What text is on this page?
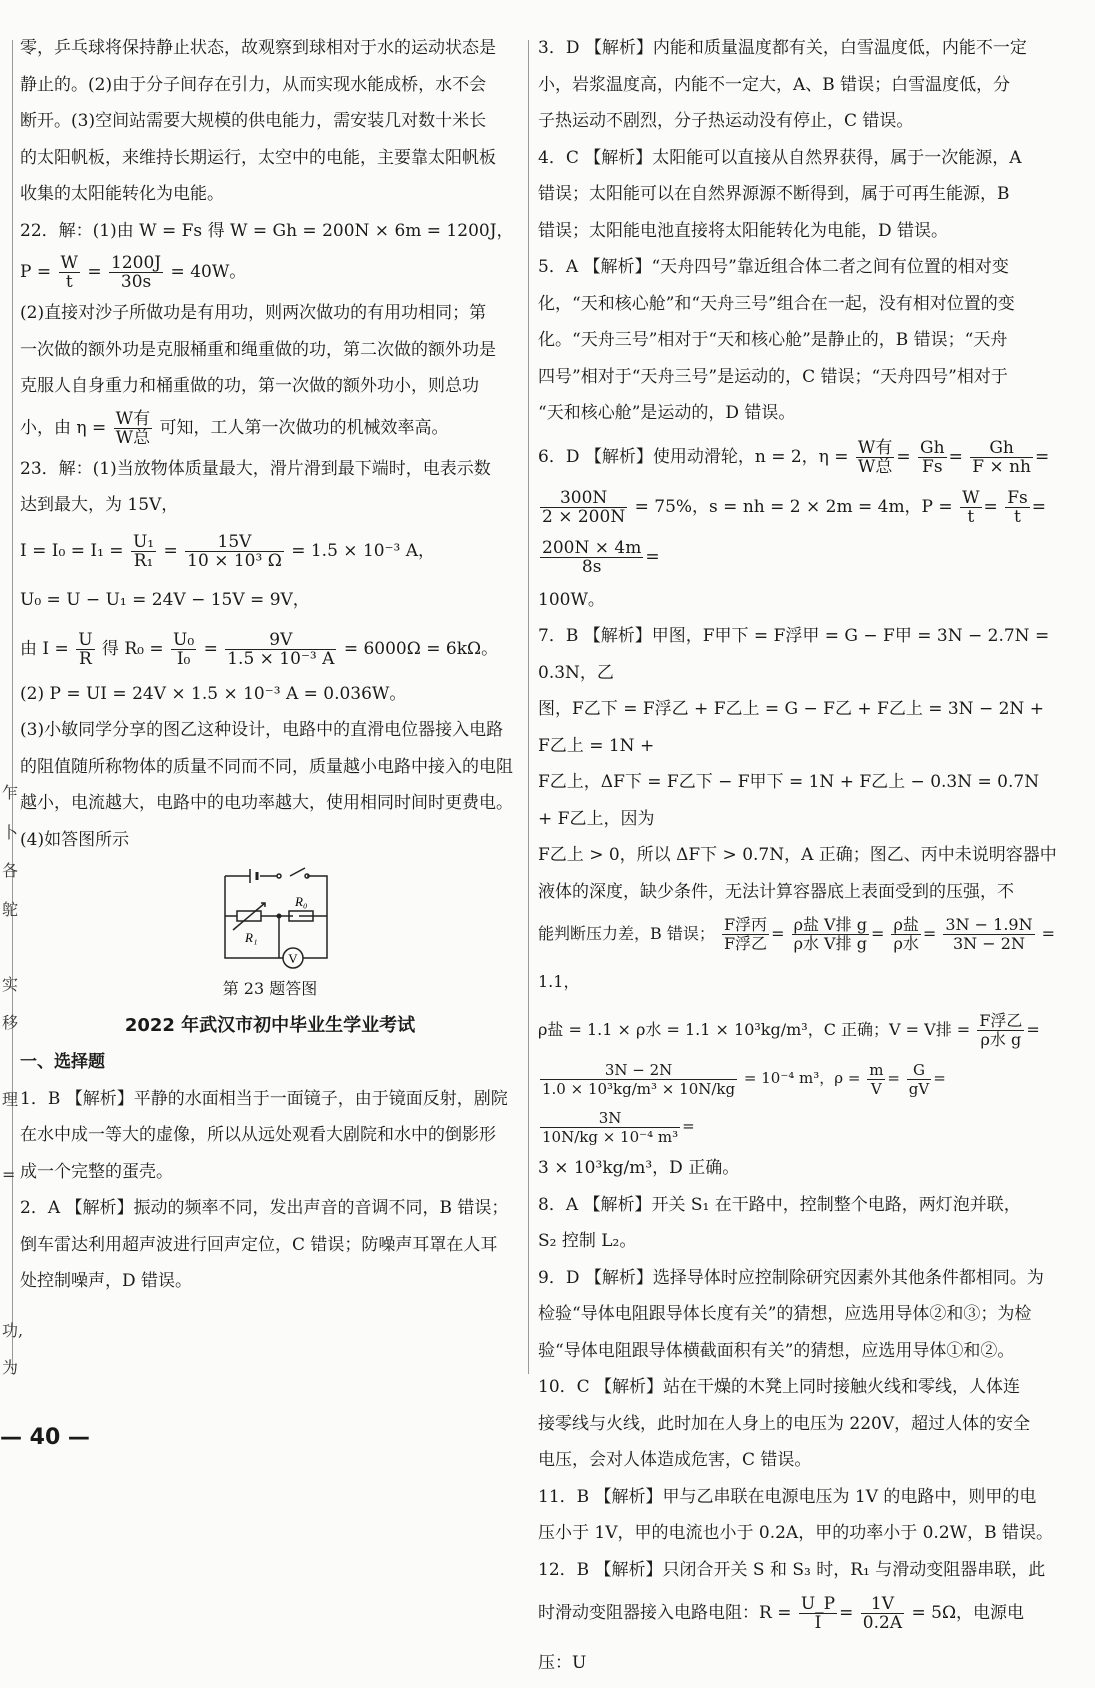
乍
卜
各
鸵
实
移
理
=
功,
为

零，乒乓球将保持静止状态，故观察到球相对于水的运动状态是

静止的。(2)由于分子间存在引力，从而实现水能成桥，水不会

断开。(3)空间站需要大规模的供电能力，需安装几对数十米长

的太阳帆板，来维持长期运行，太空中的电能，主要靠太阳帆板

收集的太阳能转化为电能。

22．解：(1)由 W = Fs 得 W = Gh = 200N × 6m = 1200J，

$P = \frac{W}{t} = \frac{1200J}{30s} = 40W$。

(2)直接对沙子所做功是有用功，则两次做功的有用功相同；第

一次做的额外功是克服桶重和绳重做的功，第二次做的额外功是

克服人自身重力和桶重做的功，第一次做的额外功小，则总功

小，由 $\eta = \frac{\text{W有}}{\text{W总}}$ 可知，工人第一次做功的机械效率高。

23．解：(1)当放物体质量最大，滑片滑到最下端时，电表示数

达到最大，为 15V，

$I = I_0 = I_1 = \frac{\text{U₁}}{\text{R₁}} = \frac{15V}{\text{10 × 10³ Ω}} = 1.5 \times 10^{-3}$ A，

U₀ = U − U₁ = 24V − 15V = 9V，

由 $I = \frac{U}{R}$ 得 $R_0 = \frac{\text{U₀}}{\text{I₀}} = \frac{9V}{\text{1.5 × 10⁻³ A}} = 6000\Omega = 6k\Omega$。

(2) P = UI = 24V × 1.5 × 10⁻³ A = 0.036W。

(3)小敏同学分享的图乙这种设计，电路中的直滑电位器接入电路

的阻值随所称物体的质量不同而不同，质量越小电路中接入的电阻

越小，电流越大，电路中的电功率越大，使用相同时间时更费电。

(4)如答图所示

V
R₁
R₀

第 23 题答图

2022 年武汉市初中毕业生学业考试

一、选择题

1．B 【解析】平静的水面相当于一面镜子，由于镜面反射，剧院

在水中成一等大的虚像，所以从远处观看大剧院和水中的倒影形

成一个完整的蛋壳。

2．A 【解析】振动的频率不同，发出声音的音调不同，B 错误；

倒车雷达利用超声波进行回声定位，C 错误；防噪声耳罩在人耳

处控制噪声，D 错误。

3．D 【解析】内能和质量温度都有关，白雪温度低，内能不一定

小，岩浆温度高，内能不一定大，A、B 错误；白雪温度低，分

子热运动不剧烈，分子热运动没有停止，C 错误。

4．C 【解析】太阳能可以直接从自然界获得，属于一次能源，A

错误；太阳能可以在自然界源源不断得到，属于可再生能源，B

错误；太阳能电池直接将太阳能转化为电能，D 错误。

5．A 【解析】“天舟四号”靠近组合体二者之间有位置的相对变

化，“天和核心舱”和“天舟三号”组合在一起，没有相对位置的变

化。“天舟三号”相对于“天和核心舱”是静止的，B 错误；“天舟

四号”相对于“天舟三号”是运动的，C 错误；“天舟四号”相对于

“天和核心舱”是运动的，D 错误。

6．D 【解析】使用动滑轮，n = 2，$\eta = \frac{\text{W有}}{\text{W总}} = \frac{Gh}{Fs} = \frac{Gh}{F \times nh}$ =

$\frac{300N}{2 \times 200N} = 75\%$，s = nh = 2 × 2m = 4m，$P = \frac{W}{t} = \frac{Fs}{t}$ =
$\frac{200N \times 4m}{8s}$ =

100W。

7．B 【解析】甲图，F甲下 = F浮甲 = G − F甲 = 3N − 2.7N = 0.3N，乙

图，F乙下 = F浮乙 + F乙上 = G − F乙 + F乙上 = 3N − 2N + F乙上 = 1N +

F乙上，ΔF下 = F乙下 − F甲下 = 1N + F乙上 − 0.3N = 0.7N + F乙上，因为

F乙上 > 0，所以 ΔF下 > 0.7N，A 正确；图乙、丙中未说明容器中

液体的深度，缺少条件，无法计算容器底上表面受到的压强，不

能判断压力差，B 错误； $\frac{\text{F浮丙}}{\text{F浮乙}} = \frac{\text{ρ盐 V排 g}}{\text{ρ水 V排 g}} = \frac{\text{ρ盐}}{\text{ρ水}} = \frac{3N - 1.9N}{3N - 2N} = 1.1$，

ρ盐 = 1.1 × ρ水 = 1.1 × 10³kg/m³，C 正确；V = V排 = $\frac{\text{F浮乙}}{\text{ρ水 g}}$ =

$\frac{3N - 2N}{\text{1.0 × 10³kg/m³ × 10N/kg}} = 10^{-4}$ m³，$\rho = \frac{m}{V} = \frac{G}{gV}$ =
$\frac{3N}{\text{10N/kg × 10⁻⁴ m³}}$ =

3 × 10³kg/m³，D 正确。

8．A 【解析】开关 S₁ 在干路中，控制整个电路，两灯泡并联，

S₂ 控制 L₂。

9．D 【解析】选择导体时应控制除研究因素外其他条件都相同。为

检验“导体电阻跟导体长度有关”的猜想，应选用导体②和③；为检

验“导体电阻跟导体横截面积有关”的猜想，应选用导体①和②。

10．C 【解析】站在干燥的木凳上同时接触火线和零线，人体连

接零线与火线，此时加在人身上的电压为 220V，超过人体的安全

电压，会对人体造成危害，C 错误。

11．B 【解析】甲与乙串联在电源电压为 1V 的电路中，则甲的电

压小于 1V，甲的电流也小于 0.2A，甲的功率小于 0.2W，B 错误。

12．B 【解析】只闭合开关 S 和 S₃ 时，R₁ 与滑动变阻器串联，此

时滑动变阻器接入电路电阻：$R = \frac{U\_P}{I} = \frac{1V}{0.2A} = 5\Omega$，电源电压：U

— 40 —
